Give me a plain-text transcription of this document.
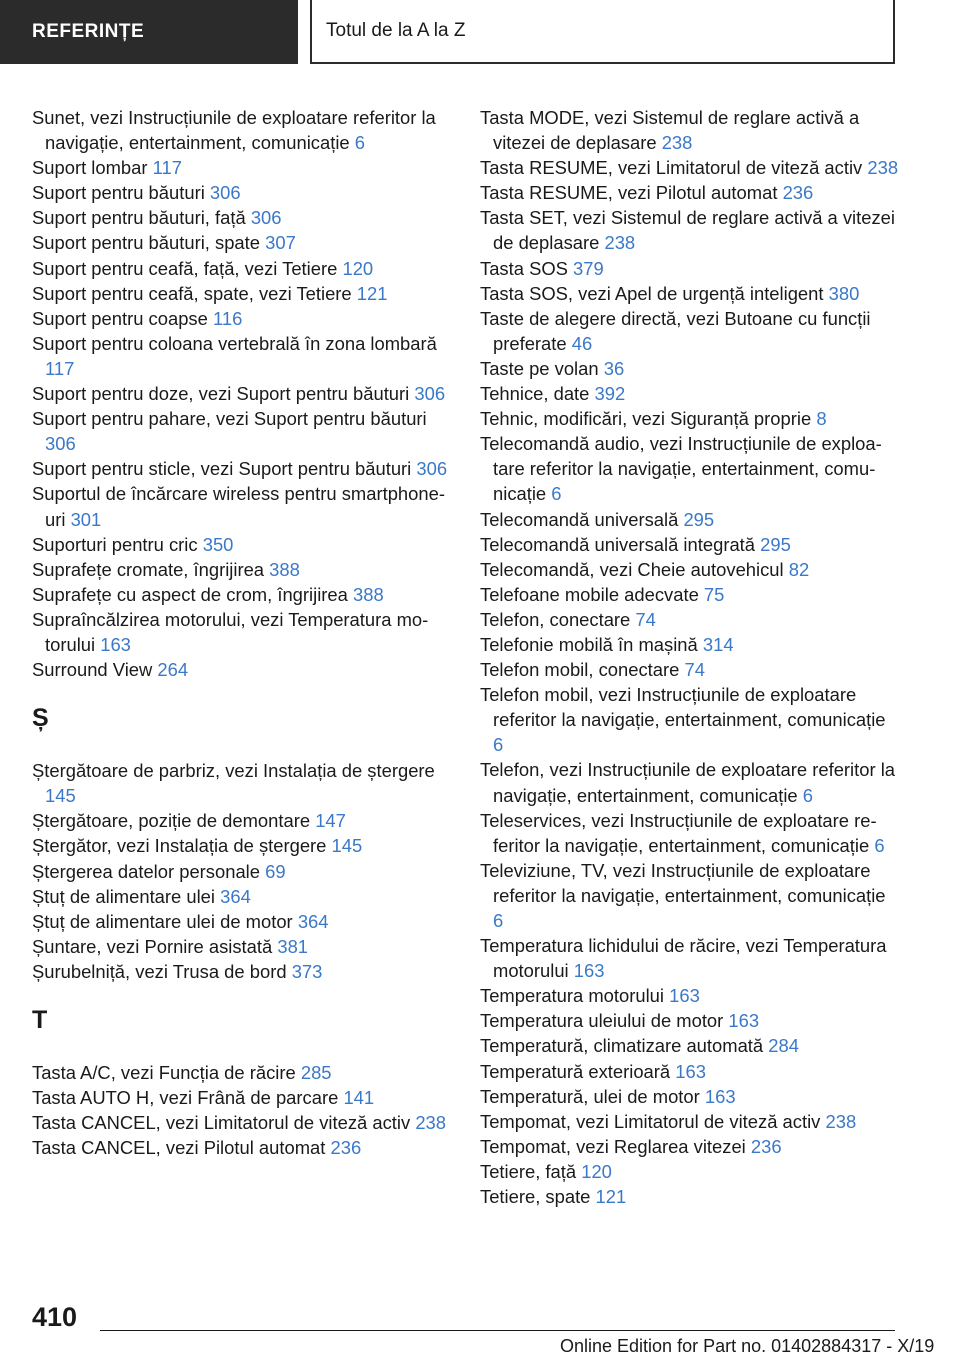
REFERINȚE	Totul de la A la Z

Sunet, vezi Instrucțiunile de exploatare referitor la navigație, entertainment, comunicație 6

Suport lombar 117

Suport pentru băuturi 306

Suport pentru băuturi, față 306

Suport pentru băuturi, spate 307

Suport pentru ceafă, față, vezi Tetiere 120

Suport pentru ceafă, spate, vezi Tetiere 121

Suport pentru coapse 116

Suport pentru coloana vertebrală în zona lombară 117

Suport pentru doze, vezi Suport pentru băuturi 306

Suport pentru pahare, vezi Suport pentru băuturi 306

Suport pentru sticle, vezi Suport pentru băuturi 306

Suportul de încărcare wireless pentru smartphone-uri 301

Suporturi pentru cric 350

Suprafețe cromate, îngrijirea 388

Suprafețe cu aspect de crom, îngrijirea 388

Supraîncălzirea motorului, vezi Temperatura motorului 163

Surround View 264

Ș

Ștergătoare de parbriz, vezi Instalația de ștergere 145

Ștergătoare, poziție de demontare 147

Ștergător, vezi Instalația de ștergere 145

Ștergerea datelor personale 69

Ștuț de alimentare ulei 364

Ștuț de alimentare ulei de motor 364

Șuntare, vezi Pornire asistată 381

Șurubelniță, vezi Trusa de bord 373

T

Tasta A/C, vezi Funcția de răcire 285

Tasta AUTO H, vezi Frână de parcare 141

Tasta CANCEL, vezi Limitatorul de viteză activ 238

Tasta CANCEL, vezi Pilotul automat 236

Tasta MODE, vezi Sistemul de reglare activă a vitezei de deplasare 238

Tasta RESUME, vezi Limitatorul de viteză activ 238

Tasta RESUME, vezi Pilotul automat 236

Tasta SET, vezi Sistemul de reglare activă a vitezei de deplasare 238

Tasta SOS 379

Tasta SOS, vezi Apel de urgență inteligent 380

Taste de alegere directă, vezi Butoane cu funcții preferate 46

Taste pe volan 36

Tehnice, date 392

Tehnic, modificări, vezi Siguranță proprie 8

Telecomandă audio, vezi Instrucțiunile de exploatare referitor la navigație, entertainment, comunicație 6

Telecomandă universală 295

Telecomandă universală integrată 295

Telecomandă, vezi Cheie autovehicul 82

Telefoane mobile adecvate 75

Telefon, conectare 74

Telefonie mobilă în mașină 314

Telefon mobil, conectare 74

Telefon mobil, vezi Instrucțiunile de exploatare referitor la navigație, entertainment, comunicație 6

Telefon, vezi Instrucțiunile de exploatare referitor la navigație, entertainment, comunicație 6

Teleservices, vezi Instrucțiunile de exploatare referitor la navigație, entertainment, comunicație 6

Televiziune, TV, vezi Instrucțiunile de exploatare referitor la navigație, entertainment, comunicație 6

Temperatura lichidului de răcire, vezi Temperatura motorului 163

Temperatura motorului 163

Temperatura uleiului de motor 163

Temperatură, climatizare automată 284

Temperatură exterioară 163

Temperatură, ulei de motor 163

Tempomat, vezi Limitatorul de viteză activ 238

Tempomat, vezi Reglarea vitezei 236

Tetiere, față 120

Tetiere, spate 121

410
Online Edition for Part no. 01402884317 - X/19
